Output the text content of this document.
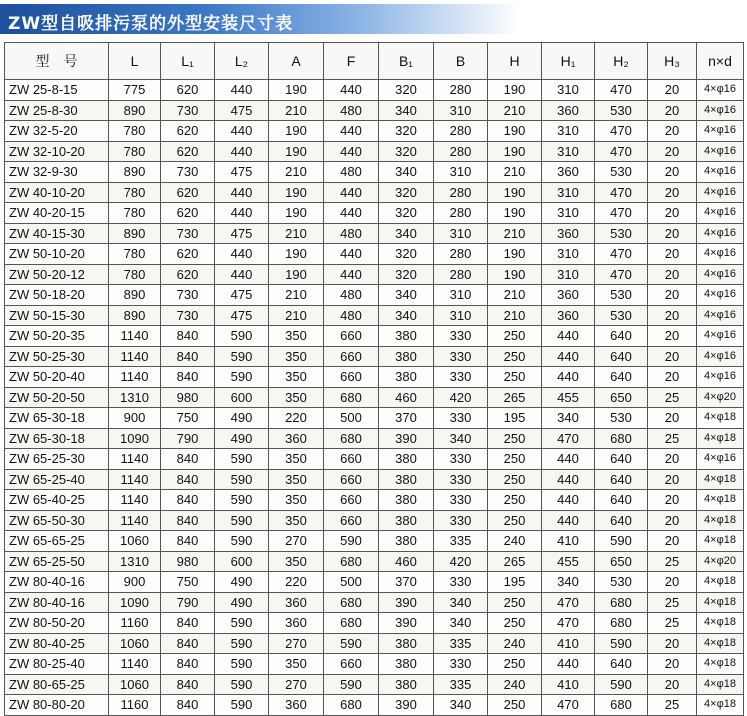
ZW型自吸排污泵的外型安装尺寸表
型　号	L	L₁	L₂	A	F	B₁	B	H	H₁	H₂	H₃	n×d
ZW 25-8-15	775	620	440	190	440	320	280	190	310	470	20	4×φ16
ZW 25-8-30	890	730	475	210	480	340	310	210	360	530	20	4×φ16
ZW 32-5-20	780	620	440	190	440	320	280	190	310	470	20	4×φ16
ZW 32-10-20	780	620	440	190	440	320	280	190	310	470	20	4×φ16
ZW 32-9-30	890	730	475	210	480	340	310	210	360	530	20	4×φ16
ZW 40-10-20	780	620	440	190	440	320	280	190	310	470	20	4×φ16
ZW 40-20-15	780	620	440	190	440	320	280	190	310	470	20	4×φ16
ZW 40-15-30	890	730	475	210	480	340	310	210	360	530	20	4×φ16
ZW 50-10-20	780	620	440	190	440	320	280	190	310	470	20	4×φ16
ZW 50-20-12	780	620	440	190	440	320	280	190	310	470	20	4×φ16
ZW 50-18-20	890	730	475	210	480	340	310	210	360	530	20	4×φ16
ZW 50-15-30	890	730	475	210	480	340	310	210	360	530	20	4×φ16
ZW 50-20-35	1140	840	590	350	660	380	330	250	440	640	20	4×φ16
ZW 50-25-30	1140	840	590	350	660	380	330	250	440	640	20	4×φ16
ZW 50-20-40	1140	840	590	350	660	380	330	250	440	640	20	4×φ16
ZW 50-20-50	1310	980	600	350	680	460	420	265	455	650	25	4×φ20
ZW 65-30-18	900	750	490	220	500	370	330	195	340	530	20	4×φ18
ZW 65-30-18	1090	790	490	360	680	390	340	250	470	680	25	4×φ18
ZW 65-25-30	1140	840	590	350	660	380	330	250	440	640	20	4×φ16
ZW 65-25-40	1140	840	590	350	660	380	330	250	440	640	20	4×φ18
ZW 65-40-25	1140	840	590	350	660	380	330	250	440	640	20	4×φ18
ZW 65-50-30	1140	840	590	350	660	380	330	250	440	640	20	4×φ18
ZW 65-65-25	1060	840	590	270	590	380	335	240	410	590	20	4×φ18
ZW 65-25-50	1310	980	600	350	680	460	420	265	455	650	25	4×φ20
ZW 80-40-16	900	750	490	220	500	370	330	195	340	530	20	4×φ18
ZW 80-40-16	1090	790	490	360	680	390	340	250	470	680	25	4×φ18
ZW 80-50-20	1160	840	590	360	680	390	340	250	470	680	25	4×φ18
ZW 80-40-25	1060	840	590	270	590	380	335	240	410	590	20	4×φ18
ZW 80-25-40	1140	840	590	350	660	380	330	250	440	640	20	4×φ18
ZW 80-65-25	1060	840	590	270	590	380	335	240	410	590	20	4×φ18
ZW 80-80-20	1160	840	590	360	680	390	340	250	470	680	25	4×φ18
